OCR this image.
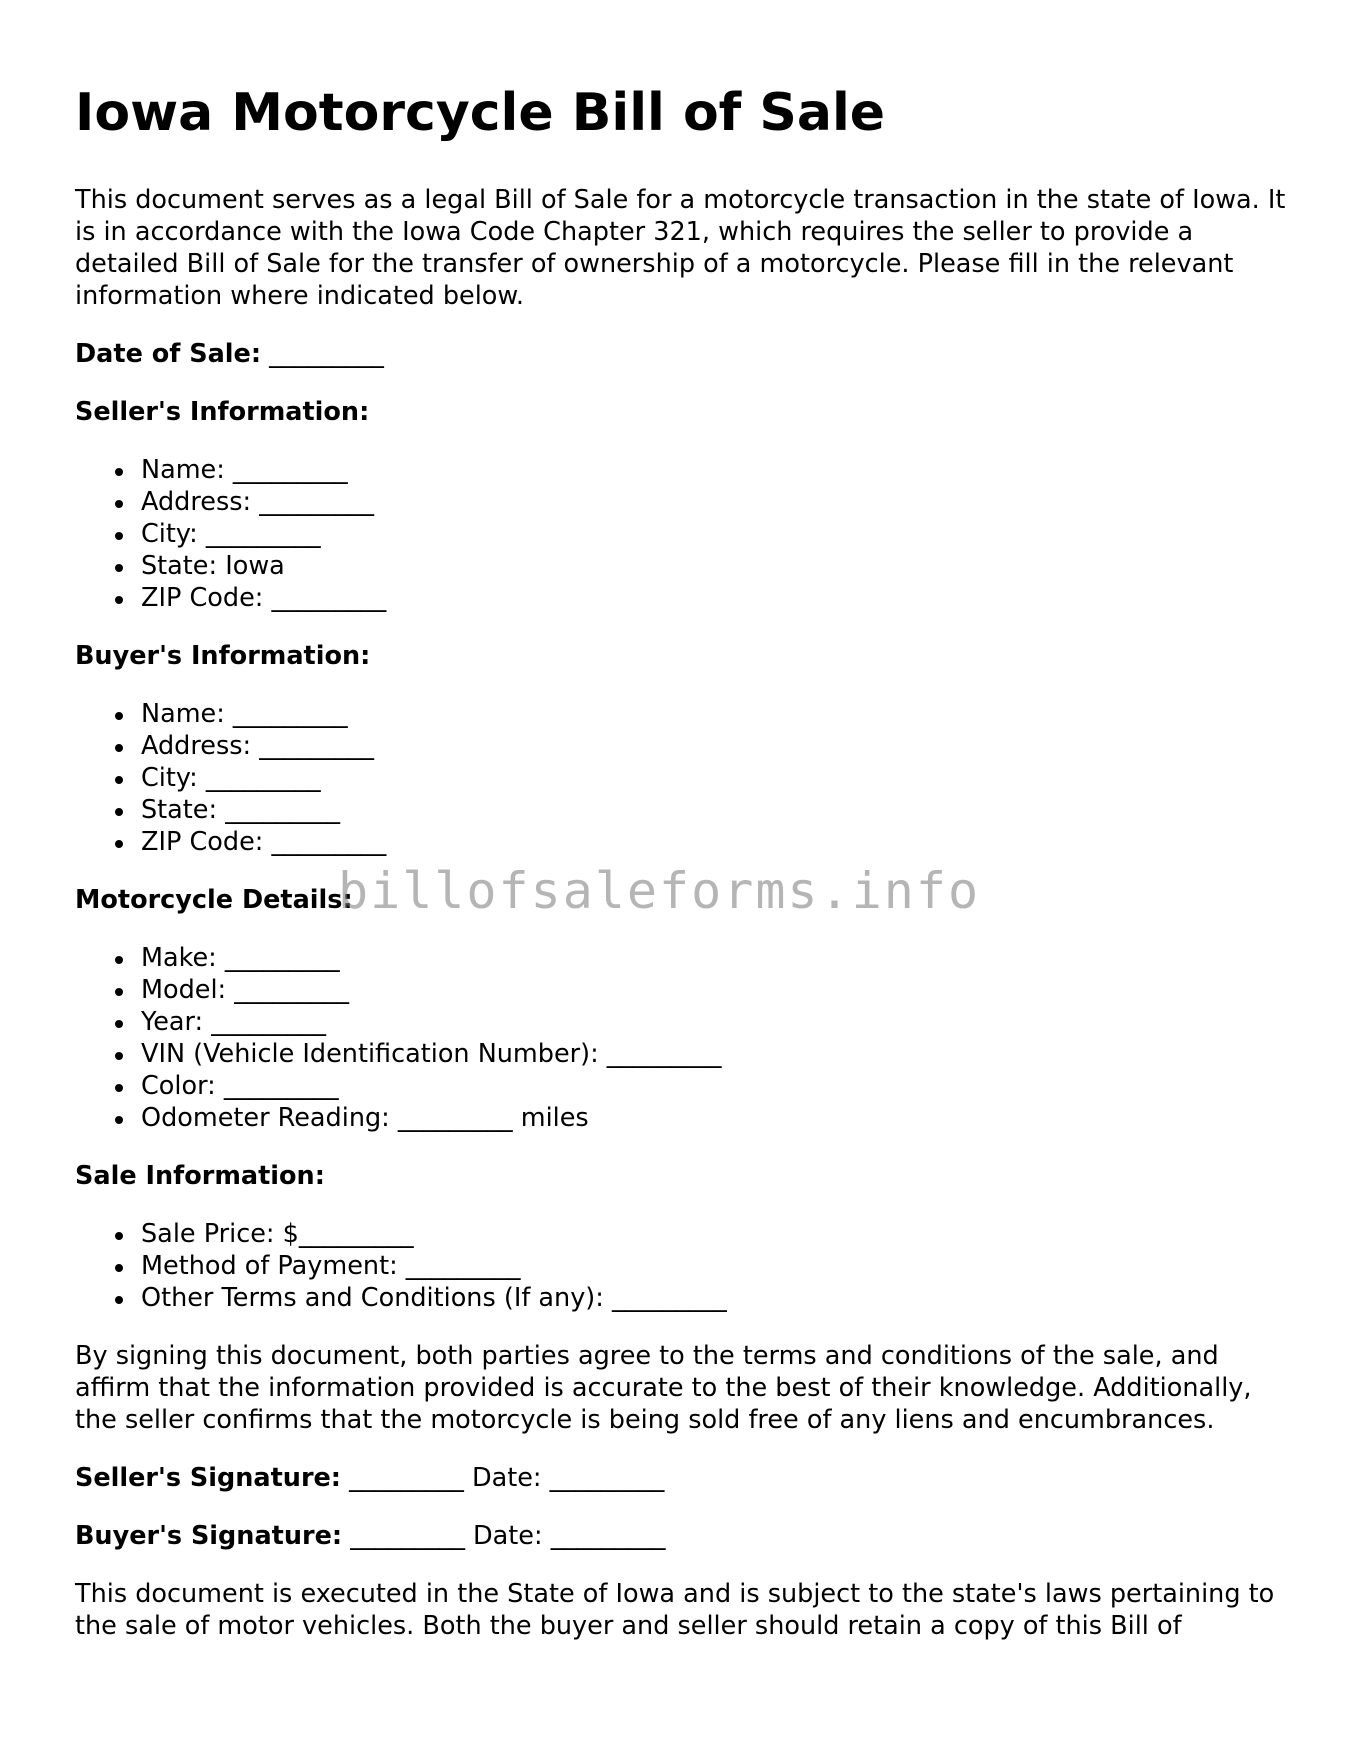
Iowa Motorcycle Bill of Sale

This document serves as a legal Bill of Sale for a motorcycle transaction in the state of Iowa. It is in accordance with the Iowa Code Chapter 321, which requires the seller to provide a detailed Bill of Sale for the transfer of ownership of a motorcycle. Please fill in the relevant information where indicated below.

Date of Sale: _________

Seller's Information:

Name: _________
Address: _________
City: _________
State: Iowa
ZIP Code: _________

Buyer's Information:

Name: _________
Address: _________
City: _________
State: _________
ZIP Code: _________

Motorcycle Details:

Make: _________
Model: _________
Year: _________
VIN (Vehicle Identification Number): _________
Color: _________
Odometer Reading: _________ miles

Sale Information:

Sale Price: $_________
Method of Payment: _________
Other Terms and Conditions (If any): _________

By signing this document, both parties agree to the terms and conditions of the sale, and affirm that the information provided is accurate to the best of their knowledge. Additionally, the seller confirms that the motorcycle is being sold free of any liens and encumbrances.

Seller's Signature: _________ Date: _________

Buyer's Signature: _________ Date: _________

This document is executed in the State of Iowa and is subject to the state's laws pertaining to the sale of motor vehicles. Both the buyer and seller should retain a copy of this Bill of

billofsaleforms.info
